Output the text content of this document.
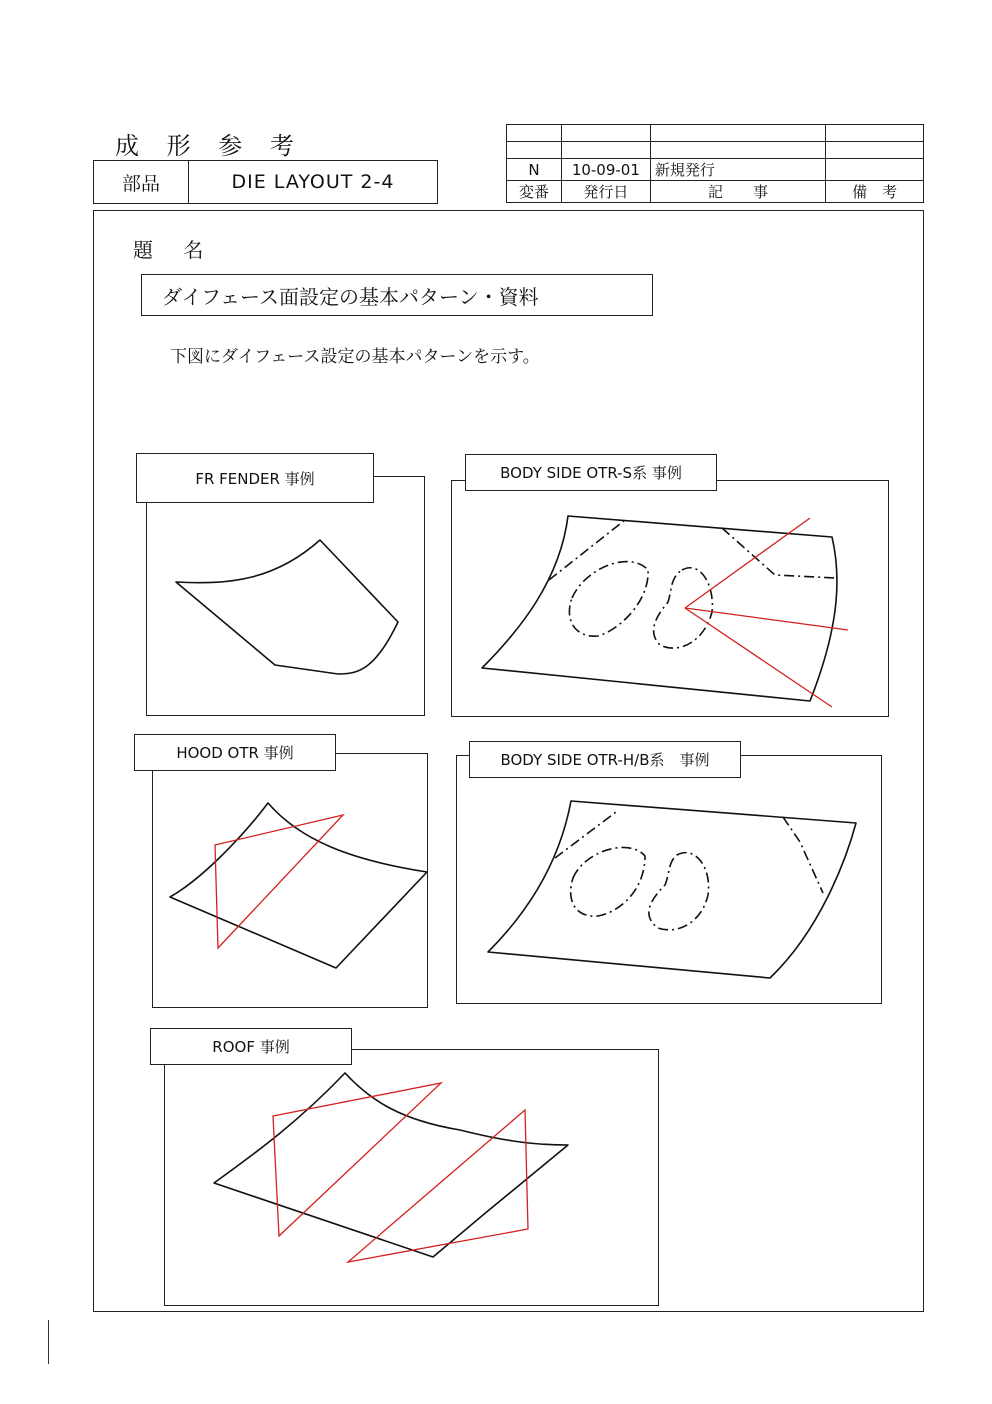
成 形 参 考
部品	DIE LAYOUT 2-4

N	10-09-01	新規発行	
変番	発行日	記　　事	備　考
題 名
ダイフェース面設定の基本パターン・資料
下図にダイフェース設定の基本パターンを示す。
FR FENDER 事例	BODY SIDE OTR-S系 事例
HOOD OTR 事例	BODY SIDE OTR-H/B系　事例
ROOF 事例
